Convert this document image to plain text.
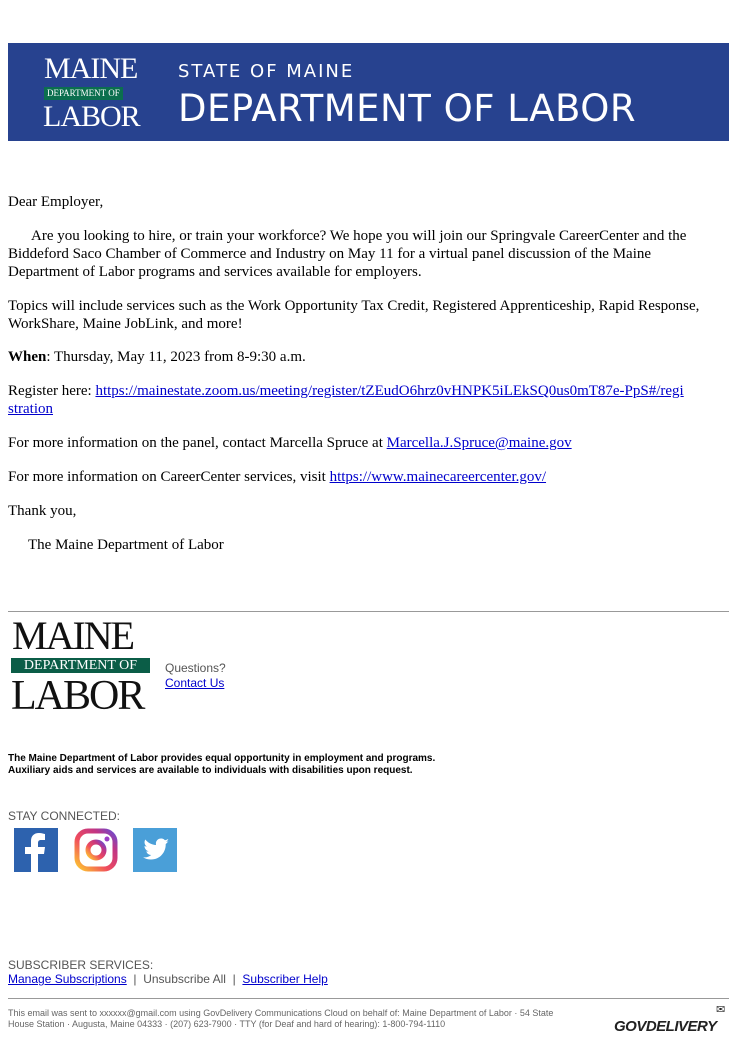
MAINE
DEPARTMENT OF
LABOR
STATE OF MAINE
DEPARTMENT OF LABOR

Dear Employer,

Are you looking to hire, or train your workforce? We hope you will join our Springvale CareerCenter and the Biddeford Saco Chamber of Commerce and Industry on May 11 for a virtual panel discussion of the Maine Department of Labor programs and services available for employers.

Topics will include services such as the Work Opportunity Tax Credit, Registered Apprenticeship, Rapid Response, WorkShare, Maine JobLink, and more!

When: Thursday, May 11, 2023 from 8-9:30 a.m.

Register here: https://mainestate.zoom.us/meeting/register/tZEudO6hrz0vHNPK5iLEkSQ0us0mT87e-PpS#/registration

For more information on the panel, contact Marcella Spruce at Marcella.J.Spruce@maine.gov

For more information on CareerCenter services, visit https://www.mainecareercenter.gov/

Thank you,

The Maine Department of Labor

MAINE
DEPARTMENT OF
LABOR
Questions?
Contact Us
The Maine Department of Labor provides equal opportunity in employment and programs.
Auxiliary aids and services are available to individuals with disabilities upon request.
STAY CONNECTED:
SUBSCRIBER SERVICES:
Manage Subscriptions  |  Unsubscribe All  |  Subscriber Help
This email was sent to xxxxxx@gmail.com using GovDelivery Communications Cloud on behalf of: Maine Department of Labor · 54 State
House Station · Augusta, Maine 04333 · (207) 623-7900 · TTY (for Deaf and hard of hearing): 1-800-794-1110	GOVDELIVERY
✉
